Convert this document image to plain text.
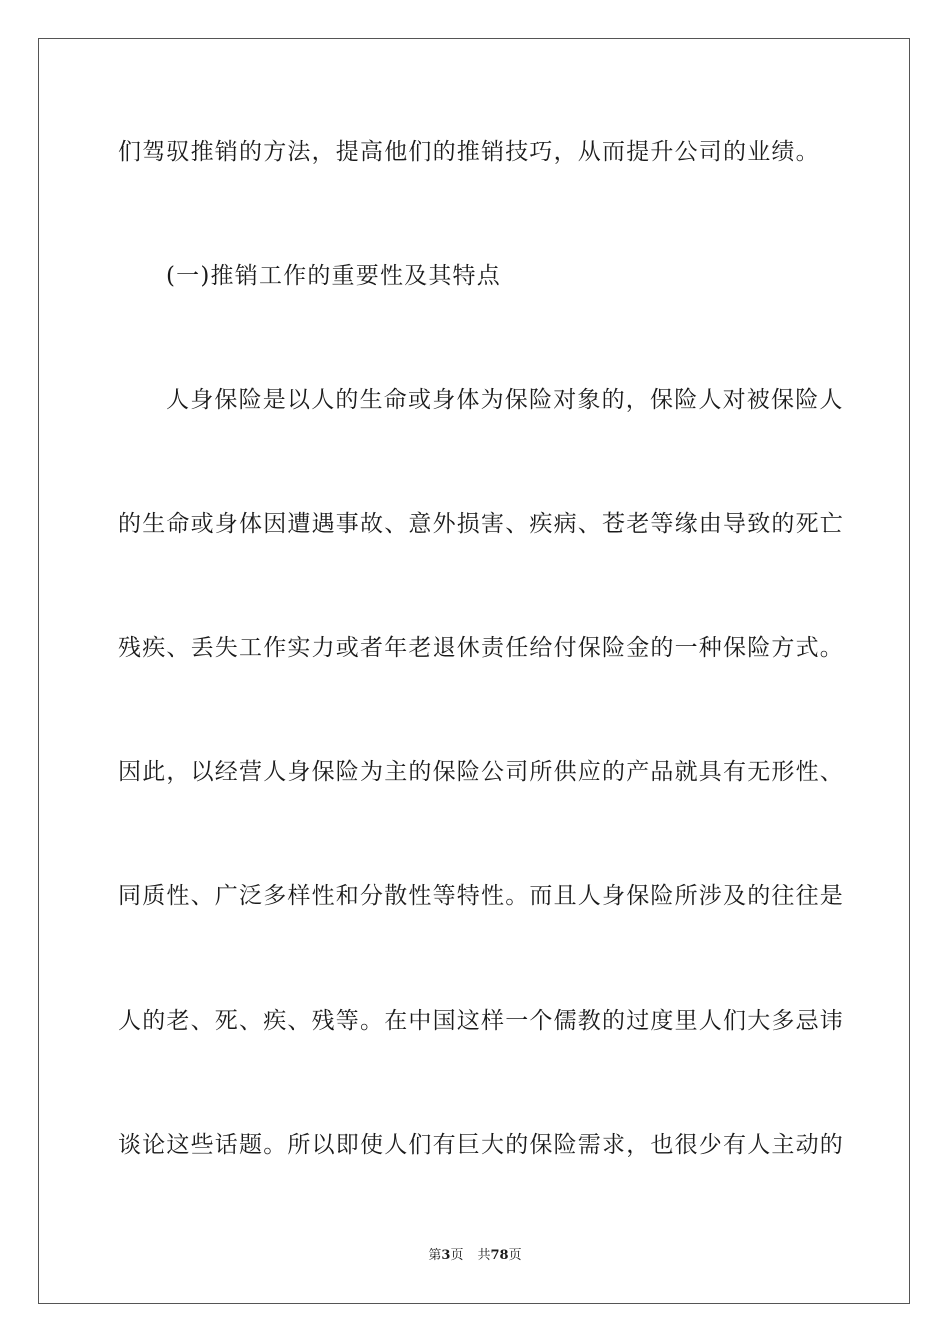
们驾驭推销的方法，提高他们的推销技巧，从而提升公司的业绩。
(一)推销工作的重要性及其特点
人身保险是以人的生命或身体为保险对象的，保险人对被保险人
的生命或身体因遭遇事故、意外损害、疾病、苍老等缘由导致的死亡
残疾、丢失工作实力或者年老退休责任给付保险金的一种保险方式。
因此，以经营人身保险为主的保险公司所供应的产品就具有无形性、
同质性、广泛多样性和分散性等特性。而且人身保险所涉及的往往是
人的老、死、疾、残等。在中国这样一个儒教的过度里人们大多忌讳
谈论这些话题。所以即使人们有巨大的保险需求，也很少有人主动的
第3页 共78页
